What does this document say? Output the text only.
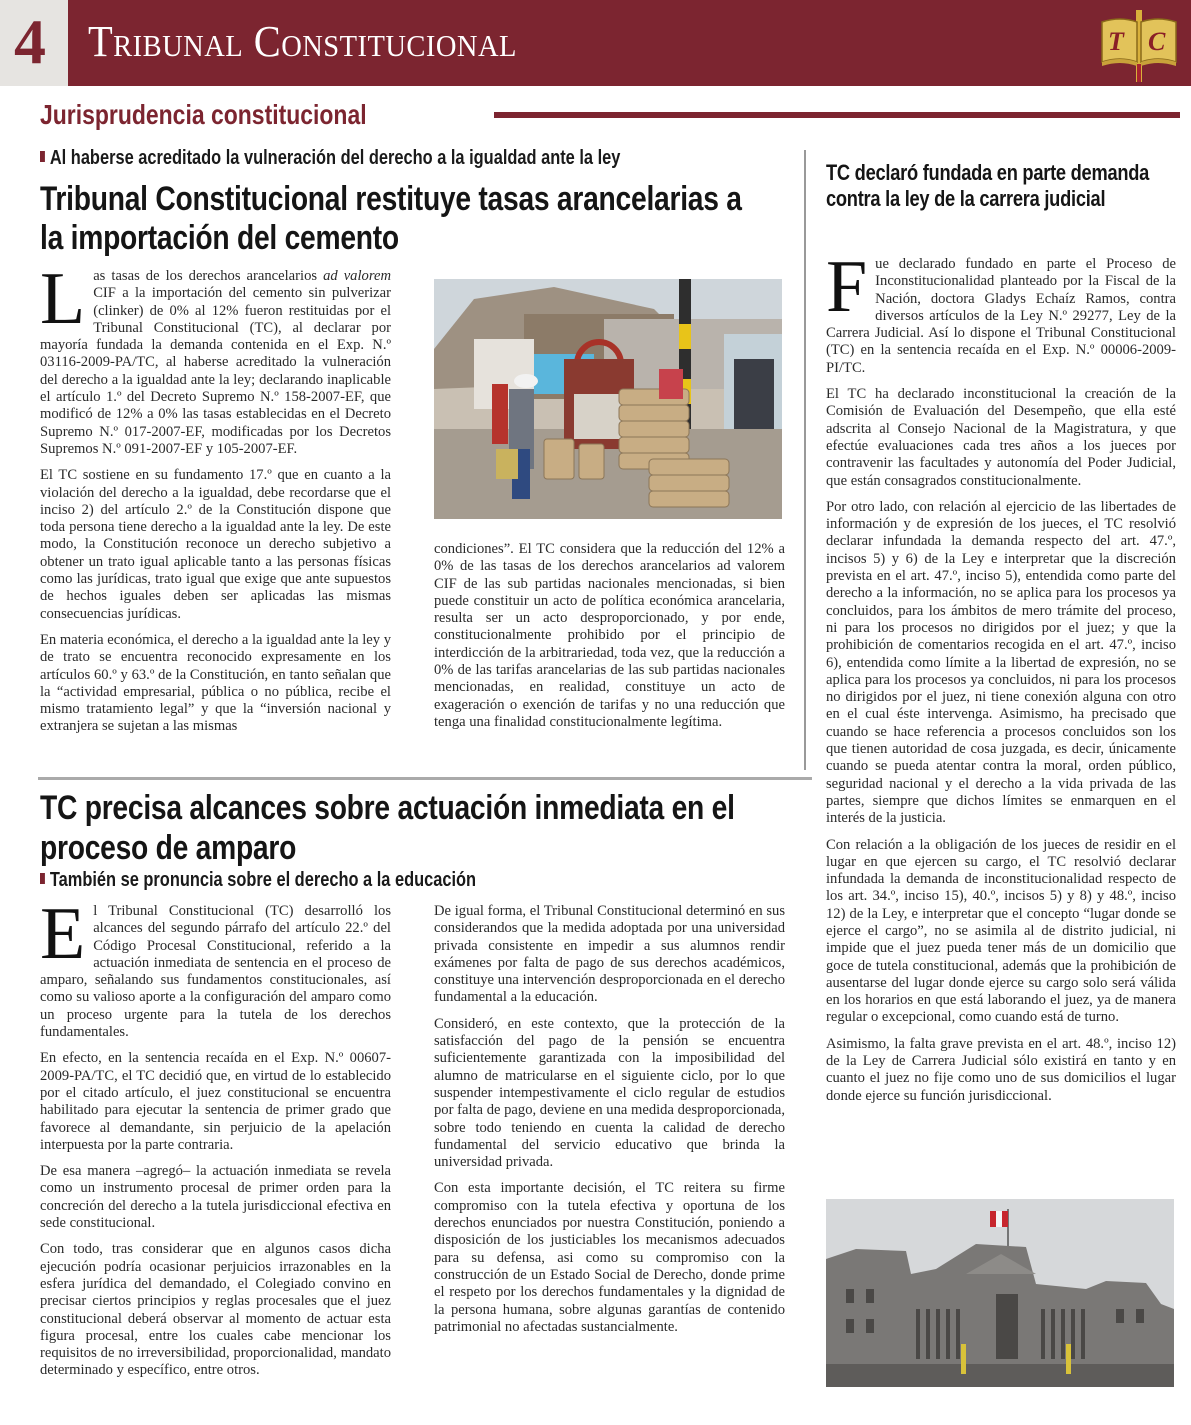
4 Tribunal Constitucional	T C
Jurisprudencia constitucional
Al haberse acreditado la vulneración del derecho a la igualdad ante la ley
Tribunal Constitucional restituye tasas arancelarias a
la importación del cemento

Las tasas de los derechos arancelarios ad valorem CIF a la importación del cemento sin pulverizar (clinker) de 0% al 12% fueron restituidas por el Tribunal Constitucional (TC), al declarar por mayoría fundada la demanda contenida en el Exp. N.º 03116-2009-PA/TC, al haberse acreditado la vulneración del derecho a la igualdad ante la ley; declarando inaplicable el artículo 1.º del Decreto Supremo N.º 158-2007-EF, que modificó de 12% a 0% las tasas establecidas en el Decreto Supremo N.º 017-2007-EF, modificadas por los Decretos Supremos N.º 091-2007-EF y 105-2007-EF.

El TC sostiene en su fundamento 17.º que en cuanto a la violación del derecho a la igualdad, debe recordarse que el inciso 2) del artículo 2.º de la Constitución dispone que toda persona tiene derecho a la igualdad ante la ley. De este modo, la Constitución reconoce un derecho subjetivo a obtener un trato igual aplicable tanto a las personas físicas como las jurídicas, trato igual que exige que ante supuestos de hechos iguales deben ser aplicadas las mismas consecuencias jurídicas.

En materia económica, el derecho a la igualdad ante la ley y de trato se encuentra reconocido expresamente en los artículos 60.º y 63.º de la Constitución, en tanto señalan que la “actividad empresarial, pública o no pública, recibe el mismo tratamiento legal” y que la “inversión nacional y extranjera se sujetan a las mismas

condiciones”. El TC considera que la reducción del 12% a 0% de las tasas de los derechos arancelarios ad valorem CIF de las sub partidas nacionales mencionadas, si bien puede constituir un acto de política económica arancelaria, resulta ser un acto desproporcionado, y por ende, constitucionalmente prohibido por el principio de interdicción de la arbitrariedad, toda vez, que la reducción a 0% de las tarifas arancelarias de las sub partidas nacionales mencionadas, en realidad, constituye un acto de exageración o exención de tarifas y no una reducción que tenga una finalidad constitucionalmente legítima.

TC declaró fundada en parte demanda
contra la ley de la carrera judicial

Fue declarado fundado en parte el Proceso de Inconstitucionalidad planteado por la Fiscal de la Nación, doctora Gladys Echaíz Ramos, contra diversos artículos de la Ley N.º 29277, Ley de la Carrera Judicial. Así lo dispone el Tribunal Constitucional (TC) en la sentencia recaída en el Exp. N.º 00006-2009-PI/TC.

El TC ha declarado inconstitucional la creación de la Comisión de Evaluación del Desempeño, que ella esté adscrita al Consejo Nacional de la Magistratura, y que efectúe evaluaciones cada tres años a los jueces por contravenir las facultades y autonomía del Poder Judicial, que están consagrados constitucionalmente.

Por otro lado, con relación al ejercicio de las libertades de información y de expresión de los jueces, el TC resolvió declarar infundada la demanda respecto del art. 47.º, incisos 5) y 6) de la Ley e interpretar que la discreción prevista en el art. 47.º, inciso 5), entendida como parte del derecho a la información, no se aplica para los procesos ya concluidos, para los ámbitos de mero trámite del proceso, ni para los procesos no dirigidos por el juez; y que la prohibición de comentarios recogida en el art. 47.º, inciso 6), entendida como límite a la libertad de expresión, no se aplica para los procesos ya concluidos, ni para los procesos no dirigidos por el juez, ni tiene conexión alguna con otro en el cual éste intervenga. Asimismo, ha precisado que cuando se hace referencia a procesos concluidos son los que tienen autoridad de cosa juzgada, es decir, únicamente cuando se pueda atentar contra la moral, orden público, seguridad nacional y el derecho a la vida privada de las partes, siempre que dichos límites se enmarquen en el interés de la justicia.

Con relación a la obligación de los jueces de residir en el lugar en que ejercen su cargo, el TC resolvió declarar infundada la demanda de inconstitucionalidad respecto de los art. 34.º, inciso 15), 40.º, incisos 5) y 8) y 48.º, inciso 12) de la Ley, e interpretar que el concepto “lugar donde se ejerce el cargo”, no se asimila al de distrito judicial, ni impide que el juez pueda tener más de un domicilio que goce de tutela constitucional, además que la prohibición de ausentarse del lugar donde ejerce su cargo solo será válida en los horarios en que está laborando el juez, ya de manera regular o excepcional, como cuando está de turno.

Asimismo, la falta grave prevista en el art. 48.º, inciso 12) de la Ley de Carrera Judicial sólo existirá en tanto y en cuanto el juez no fije como uno de sus domicilios el lugar donde ejerce su función jurisdiccional.

TC precisa alcances sobre actuación inmediata en el
proceso de amparo
También se pronuncia sobre el derecho a la educación

El Tribunal Constitucional (TC) desarrolló los alcances del segundo párrafo del artículo 22.º del Código Procesal Constitucional, referido a la actuación inmediata de sentencia en el proceso de amparo, señalando sus fundamentos constitucionales, así como su valioso aporte a la configuración del amparo como un proceso urgente para la tutela de los derechos fundamentales.

En efecto, en la sentencia recaída en el Exp. N.º 00607-2009-PA/TC, el TC decidió que, en virtud de lo establecido por el citado artículo, el juez constitucional se encuentra habilitado para ejecutar la sentencia de primer grado que favorece al demandante, sin perjuicio de la apelación interpuesta por la parte contraria.

De esa manera –agregó– la actuación inmediata se revela como un instrumento procesal de primer orden para la concreción del derecho a la tutela jurisdiccional efectiva en sede constitucional.

Con todo, tras considerar que en algunos casos dicha ejecución podría ocasionar perjuicios irrazonables en la esfera jurídica del demandado, el Colegiado convino en precisar ciertos principios y reglas procesales que el juez constitucional deberá observar al momento de actuar esta figura procesal, entre los cuales cabe mencionar los requisitos de no irreversibilidad, proporcionalidad, mandato determinado y específico, entre otros.

De igual forma, el Tribunal Constitucional determinó en sus considerandos que la medida adoptada por una universidad privada consistente en impedir a sus alumnos rendir exámenes por falta de pago de sus derechos académicos, constituye una intervención desproporcionada en el derecho fundamental a la educación.

Consideró, en este contexto, que la protección de la satisfacción del pago de la pensión se encuentra suficientemente garantizada con la imposibilidad del alumno de matricularse en el siguiente ciclo, por lo que suspender intempestivamente el ciclo regular de estudios por falta de pago, deviene en una medida desproporcionada, sobre todo teniendo en cuenta la calidad de derecho fundamental del servicio educativo que brinda la universidad privada.

Con esta importante decisión, el TC reitera su firme compromiso con la tutela efectiva y oportuna de los derechos enunciados por nuestra Constitución, poniendo a disposición de los justiciables los mecanismos adecuados para su defensa, asi como su compromiso con la construcción de un Estado Social de Derecho, donde prime el respeto por los derechos fundamentales y la dignidad de la persona humana, sobre algunas garantías de contenido patrimonial no afectadas sustancialmente.
